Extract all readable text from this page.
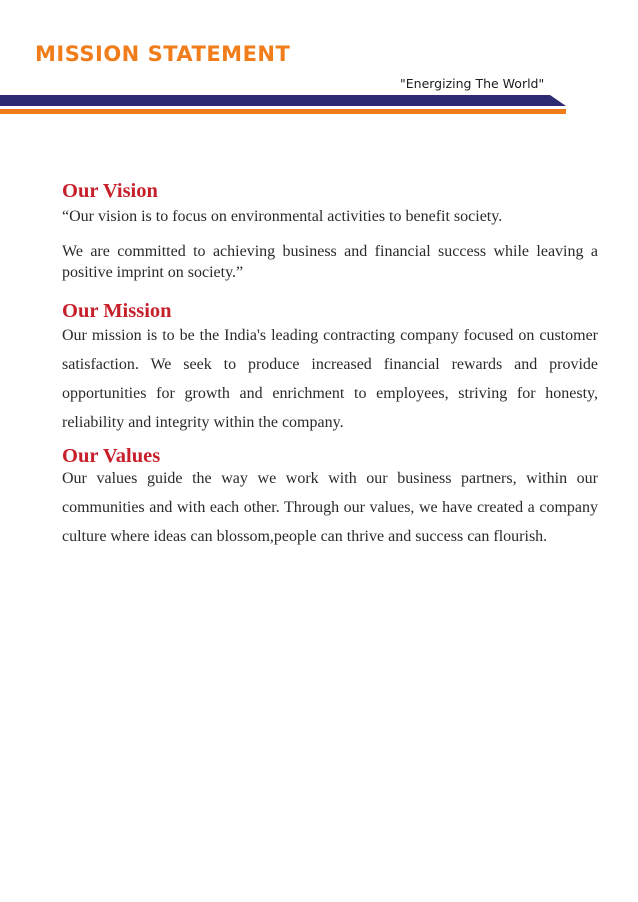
MISSION STATEMENT
"Energizing The World"
Our Vision
“Our vision is to focus on environmental activities to benefit society.
We are committed to achieving business and financial success while leaving a positive imprint on society.”
Our Mission
Our mission is to be the India's leading contracting company focused on customer satisfaction. We seek to produce increased financial rewards and provide opportunities for growth and enrichment to employees, striving for honesty, reliability and integrity within the company.
Our Values
Our values guide the way we work with our business partners, within our communities and with each other. Through our values, we have created a company culture where ideas can blossom,people can thrive and success can flourish.
